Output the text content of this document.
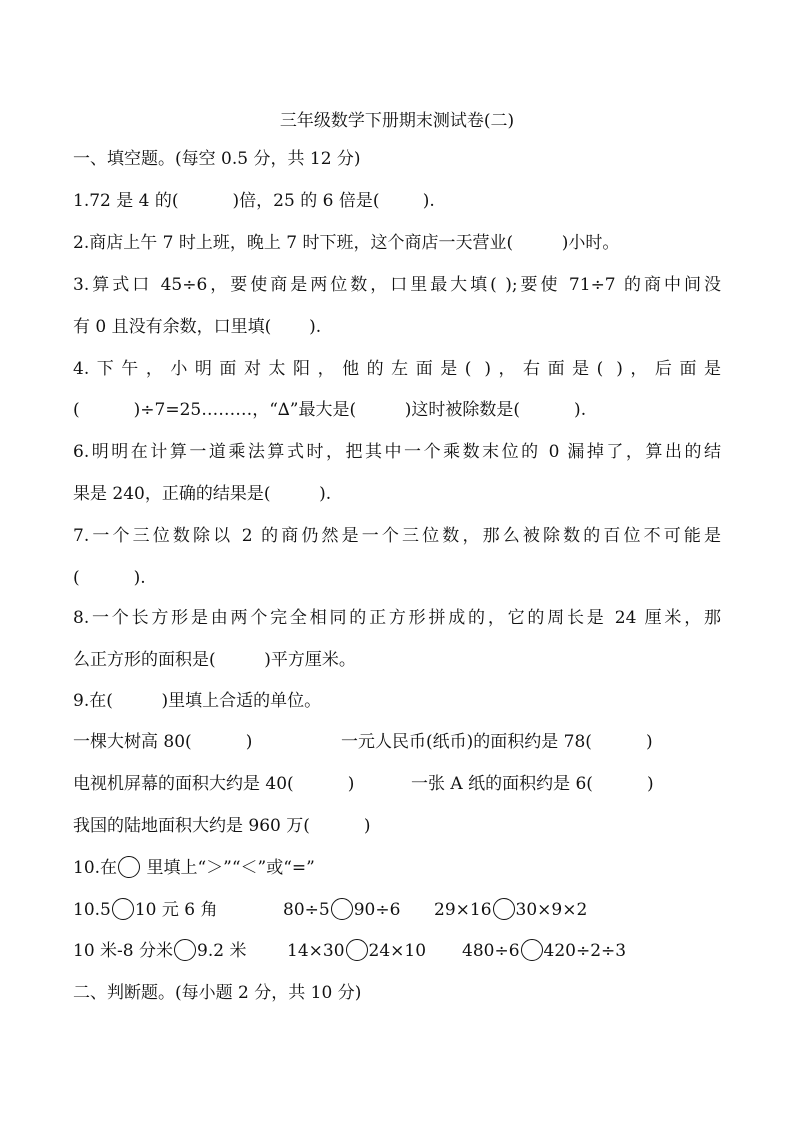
三年级数学下册期末测试卷(二)
一、填空题。(每空 0.5 分，共 12 分)
1.72 是 4 的(          )倍，25 的 6 倍是(        ).
2.商店上午 7 时上班，晚上 7 时下班，这个商店一天营业(         )小时。
3.算式口 45÷6，要使商是两位数，口里最大填( );要使 71÷7 的商中间没
有 0 且没有余数，口里填(       ).
4.下午，小明面对太阳，他的左面是( )，右面是( )，后面是
(          )÷7=25………，“∆”最大是(         )这时被除数是(          ).
6.明明在计算一道乘法算式时，把其中一个乘数末位的 0 漏掉了，算出的结
果是 240，正确的结果是(         ).
7.一个三位数除以 2 的商仍然是一个三位数，那么被除数的百位不可能是
(          ).
8.一个长方形是由两个完全相同的正方形拼成的，它的周长是 24 厘米，那
么正方形的面积是(         )平方厘米。
9.在(         )里填上合适的单位。
一棵大树高 80(          )	一元人民币(纸币)的面积约是 78(          )
电视机屏幕的面积大约是 40(          )	一张 A 纸的面积约是 6(          )
我国的陆地面积大约是 960 万(          )
10.在 里填上“＞”“＜”或“=”
10.5 10 元 6 角	80÷5 90÷6 29×16 30×9×2
10 米-8 分米 9.2 米 14×30 24×10 480÷6 420÷2÷3
二、判断题。(每小题 2 分，共 10 分)
